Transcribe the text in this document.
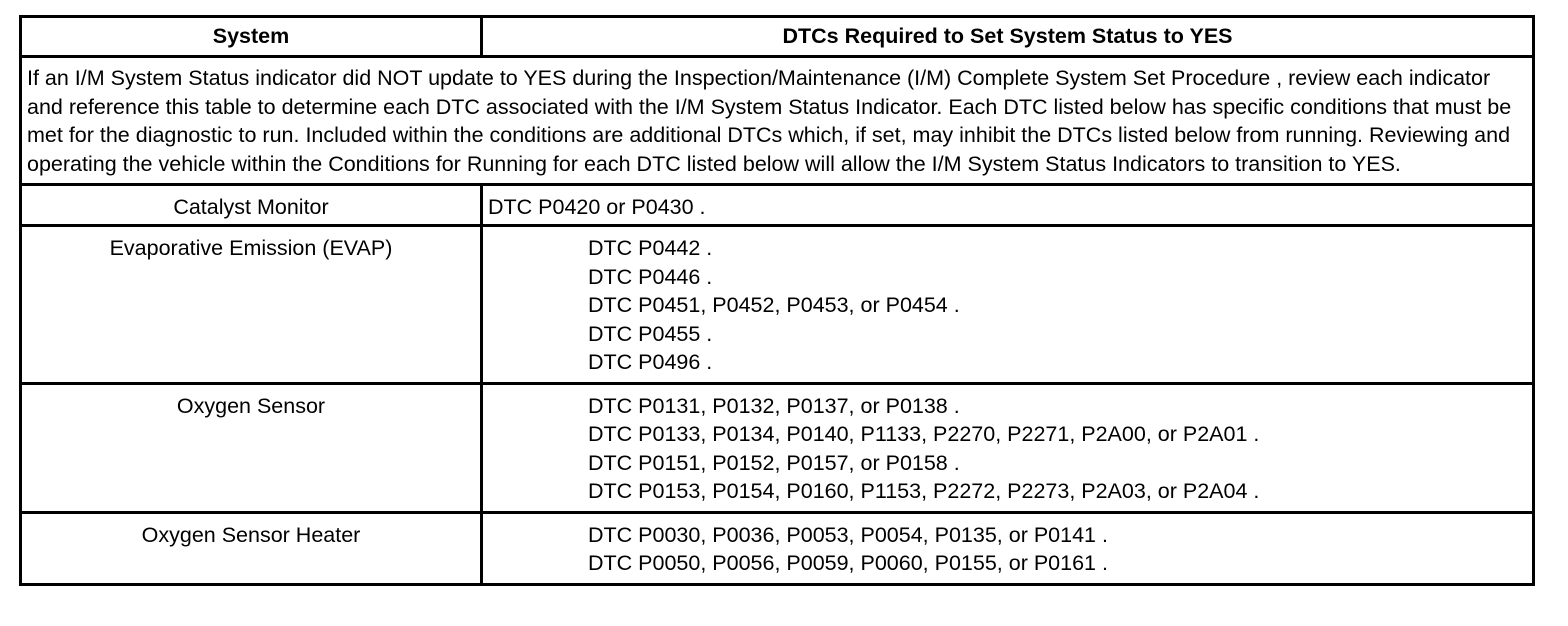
System	DTCs Required to Set System Status to YES
If an I/M System Status indicator did NOT update to YES during the Inspection/Maintenance (I/M) Complete System Set Procedure , review each indicator and reference this table to determine each DTC associated with the I/M System Status Indicator. Each DTC listed below has specific conditions that must be met for the diagnostic to run. Included within the conditions are additional DTCs which, if set, may inhibit the DTCs listed below from running. Reviewing and operating the vehicle within the Conditions for Running for each DTC listed below will allow the I/M System Status Indicators to transition to YES.	
Catalyst Monitor	DTC P0420 or P0430 .

Evaporative Emission (EVAP)	DTC P0442 .
DTC P0446 .
DTC P0451, P0452, P0453, or P0454 .
DTC P0455 .
DTC P0496 .

Oxygen Sensor	DTC P0131, P0132, P0137, or P0138 .
DTC P0133, P0134, P0140, P1133, P2270, P2271, P2A00, or P2A01 .
DTC P0151, P0152, P0157, or P0158 .
DTC P0153, P0154, P0160, P1153, P2272, P2273, P2A03, or P2A04 .

Oxygen Sensor Heater	DTC P0030, P0036, P0053, P0054, P0135, or P0141 .
DTC P0050, P0056, P0059, P0060, P0155, or P0161 .
